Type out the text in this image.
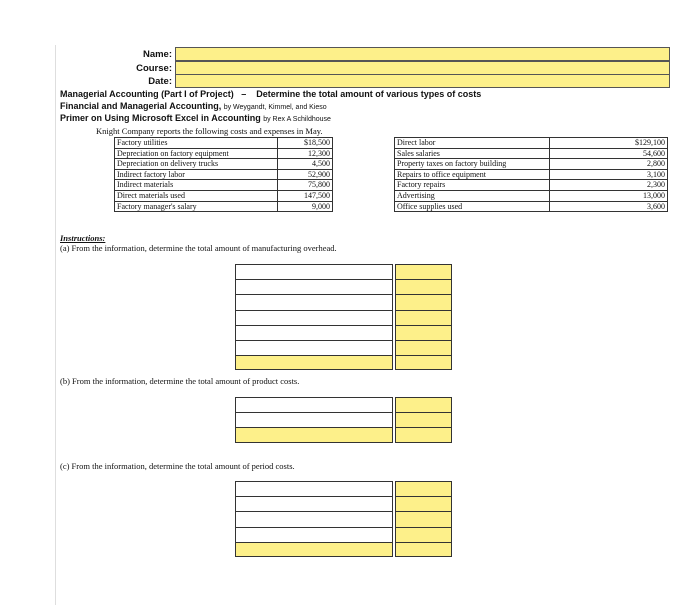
Name:
Course:
Date:
Managerial Accounting (Part I of Project) – Determine the total amount of various types of costs
Financial and Managerial Accounting, by Weygandt, Kimmel, and Kieso
Primer on Using Microsoft Excel in Accounting by Rex A Schildhouse
Knight Company reports the following costs and expenses in May.
Factory utilities	$18,500
Depreciation on factory equipment	12,300
Depreciation on delivery trucks	4,500
Indirect factory labor	52,900
Indirect materials	75,800
Direct materials used	147,500
Factory manager's salary	9,000
Direct labor	$129,100
Sales salaries	54,600
Property taxes on factory building	2,800
Repairs to office equipment	3,100
Factory repairs	2,300
Advertising	13,000
Office supplies used	3,600
Instructions:
(a) From the information, determine the total amount of manufacturing overhead.
(b) From the information, determine the total amount of product costs.
(c) From the information, determine the total amount of period costs.
